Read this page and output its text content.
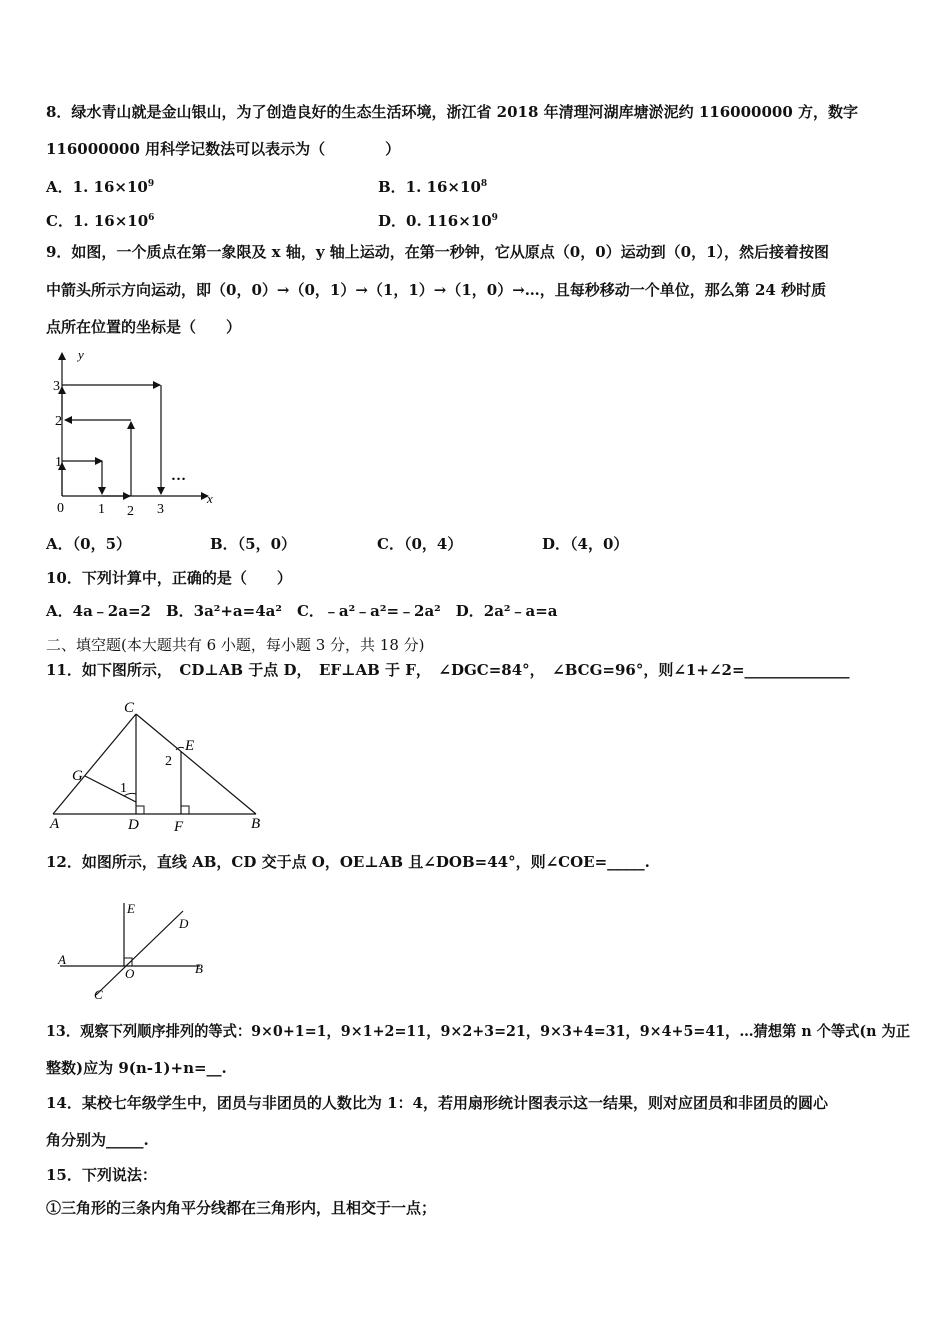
8．绿水青山就是金山银山，为了创造良好的生态生活环境，浙江省 2018 年清理河湖库塘淤泥约 116000000 方，数字
116000000 用科学记数法可以表示为（　　　　）
A．1. $16\times 10^9$	B．1. $16\times 10^8$
C．1. $16\times 10^6$	D．0. $116\times 10^9$
9．如图，一个质点在第一象限及 x 轴，y 轴上运动，在第一秒钟，它从原点（0，0）运动到（0，1），然后接着按图
中箭头所示方向运动，即（0，0）→（0，1）→（1，1）→（1，0）→…，且每秒移动一个单位，那么第 24 秒时质
点所在位置的坐标是（　　）
y
x
0 1 2 3
1
2
3
…
A．（0，5）	B．（5，0）	C．（0，4）	D．（4，0）
10．下列计算中，正确的是（　　）
A．4a﹣2a=2　B．3a²+a=4a²　C．﹣a²﹣a²=﹣2a²　D．2a²﹣a=a
二、填空题(本大题共有 6 小题，每小题 3 分，共 18 分)
11．如下图所示，　CD⊥AB 于点 D，　EF⊥AB 于 F，　∠DGC=84°，　∠BCG=96°，则∠1+∠2=______________
C
E
G
A	D F	B
1
2
12．如图所示，直线 AB，CD 交于点 O，OE⊥AB 且∠DOB=44°，则∠COE=_____.
E
D
A
O	B
C
13．观察下列顺序排列的等式：9×0+1=1，9×1+2=11，9×2+3=21，9×3+4=31，9×4+5=41，…猜想第 n 个等式(n 为正
整数)应为 9(n-1)+n=__.
14．某校七年级学生中，团员与非团员的人数比为 1：4，若用扇形统计图表示这一结果，则对应团员和非团员的圆心
角分别为_____.
15．下列说法：
①三角形的三条内角平分线都在三角形内，且相交于一点；
